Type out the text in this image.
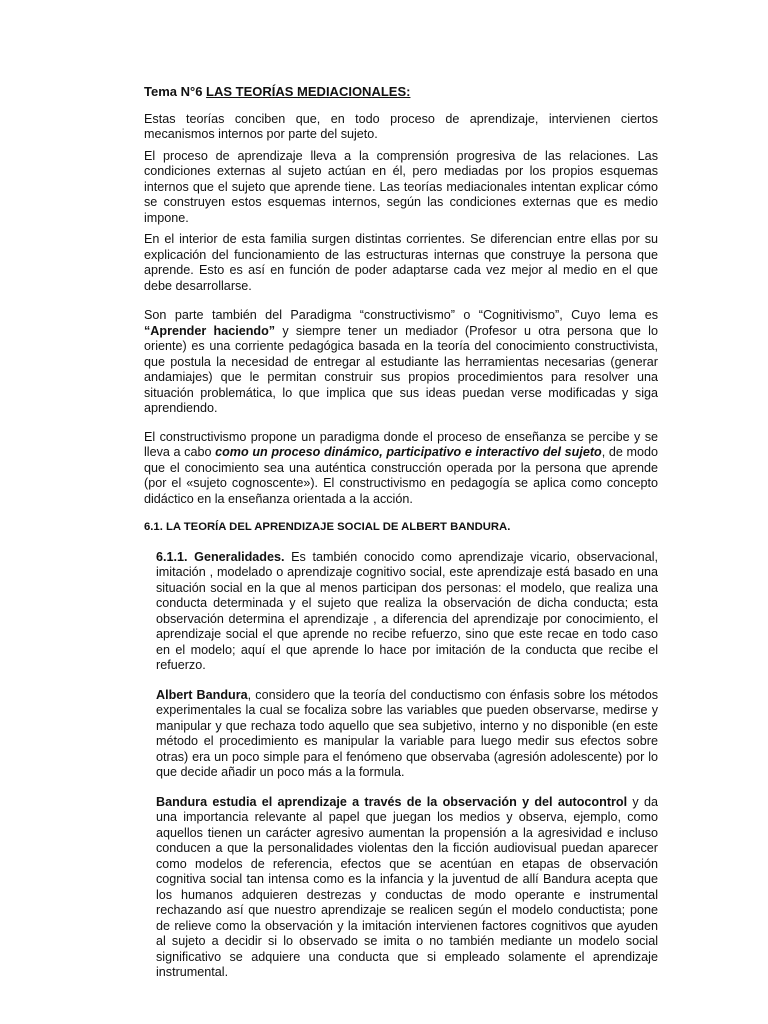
Tema N°6 LAS TEORÍAS MEDIACIONALES:

Estas teorías conciben que, en todo proceso de aprendizaje, intervienen ciertos mecanismos internos por parte del sujeto.

El proceso de aprendizaje lleva a la comprensión progresiva de las relaciones. Las condiciones externas al sujeto actúan en él, pero mediadas por los propios esquemas internos que el sujeto que aprende tiene. Las teorías mediacionales intentan explicar cómo se construyen estos esquemas internos, según las condiciones externas que es medio impone.

En el interior de esta familia surgen distintas corrientes. Se diferencian entre ellas por su explicación del funcionamiento de las estructuras internas que construye la persona que aprende. Esto es así en función de poder adaptarse cada vez mejor al medio en el que debe desarrollarse.

Son parte también del Paradigma “constructivismo” o “Cognitivismo”, Cuyo lema es “Aprender haciendo” y siempre tener un mediador (Profesor u otra persona que lo oriente) es una corriente pedagógica basada en la teoría del conocimiento constructivista, que postula la necesidad de entregar al estudiante las herramientas necesarias (generar andamiajes) que le permitan construir sus propios procedimientos para resolver una situación problemática, lo que implica que sus ideas puedan verse modificadas y siga aprendiendo.

El constructivismo propone un paradigma donde el proceso de enseñanza se percibe y se lleva a cabo como un proceso dinámico, participativo e interactivo del sujeto, de modo que el conocimiento sea una auténtica construcción operada por la persona que aprende (por el «sujeto cognoscente»). El constructivismo en pedagogía se aplica como concepto didáctico en la enseñanza orientada a la acción.

6.1. LA TEORÍA DEL APRENDIZAJE SOCIAL DE ALBERT BANDURA.

6.1.1. Generalidades. Es también conocido como aprendizaje vicario, observacional, imitación , modelado o aprendizaje cognitivo social, este aprendizaje está basado en una situación social en la que al menos participan dos personas: el modelo, que realiza una conducta determinada y el sujeto que realiza la observación de dicha conducta; esta observación determina el aprendizaje , a diferencia del aprendizaje por conocimiento, el aprendizaje social el que aprende no recibe refuerzo, sino que este recae en todo caso en el modelo; aquí el que aprende lo hace por imitación de la conducta que recibe el refuerzo.

Albert Bandura, considero que la teoría del conductismo con énfasis sobre los métodos experimentales la cual se focaliza sobre las variables que pueden observarse, medirse y manipular y que rechaza todo aquello que sea subjetivo, interno y no disponible (en este método el procedimiento es manipular la variable para luego medir sus efectos sobre otras) era un poco simple para el fenómeno que observaba (agresión adolescente) por lo que decide añadir un poco más a la formula.

Bandura estudia el aprendizaje a través de la observación y del autocontrol y da una importancia relevante al papel que juegan los medios y observa, ejemplo, como aquellos tienen un carácter agresivo aumentan la propensión a la agresividad e incluso conducen a que la personalidades violentas den la ficción audiovisual puedan aparecer como modelos de referencia, efectos que se acentúan en etapas de observación cognitiva social tan intensa como es la infancia y la juventud de allí Bandura acepta que los humanos adquieren destrezas y conductas de modo operante e instrumental rechazando así que nuestro aprendizaje se realicen según el modelo conductista; pone de relieve como la observación y la imitación intervienen factores cognitivos que ayuden al sujeto a decidir si lo observado se imita o no también mediante un modelo social significativo se adquiere una conducta que si empleado solamente el aprendizaje instrumental.
